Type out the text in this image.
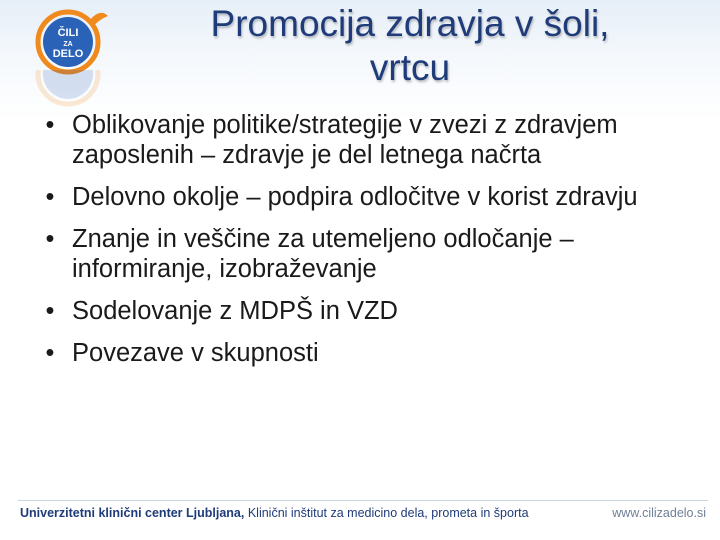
ČILI
ZA
DELO
Promocija zdravja v šoli,
vrtcu
• Oblikovanje politike/strategije v zvezi z zdravjem zaposlenih – zdravje je del letnega načrta
• Delovno okolje – podpira odločitve v korist zdravju
• Znanje in veščine za utemeljeno odločanje – informiranje, izobraževanje
• Sodelovanje z MDPŠ in VZD
• Povezave v skupnosti
Univerzitetni klinični center Ljubljana, Klinični inštitut za medicino dela, prometa in športa	www.cilizadelo.si
